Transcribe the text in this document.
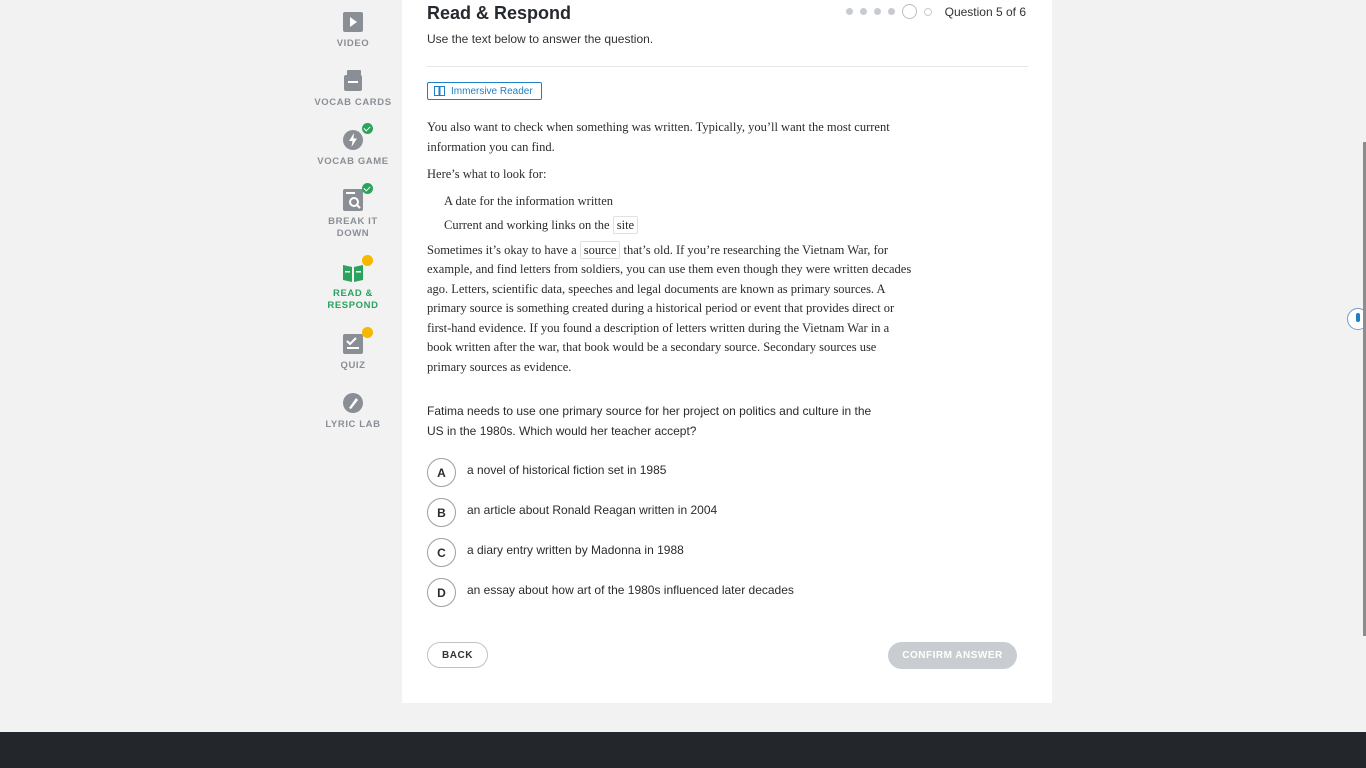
VIDEO
VOCAB CARDS
VOCAB GAME
BREAK IT DOWN
READ & RESPOND
QUIZ
LYRIC LAB
Read & Respond
Use the text below to answer the question.
Question 5 of 6
Immersive Reader

You also want to check when something was written. Typically, you’ll want the most current information you can find.

Here’s what to look for:

A date for the information written
Current and working links on the site

Sometimes it’s okay to have a source that’s old. If you’re researching the Vietnam War, for example, and find letters from soldiers, you can use them even though they were written decades ago. Letters, scientific data, speeches and legal documents are known as primary sources. A primary source is something created during a historical period or event that provides direct or first-hand evidence. If you found a description of letters written during the Vietnam War in a book written after the war, that book would be a secondary source. Secondary sources use primary sources as evidence.

Fatima needs to use one primary source for her project on politics and culture in the US in the 1980s. Which would her teacher accept?
A	a novel of historical fiction set in 1985
B	an article about Ronald Reagan written in 2004
C	a diary entry written by Madonna in 1988
D	an essay about how art of the 1980s influenced later decades
BACK	CONFIRM ANSWER
